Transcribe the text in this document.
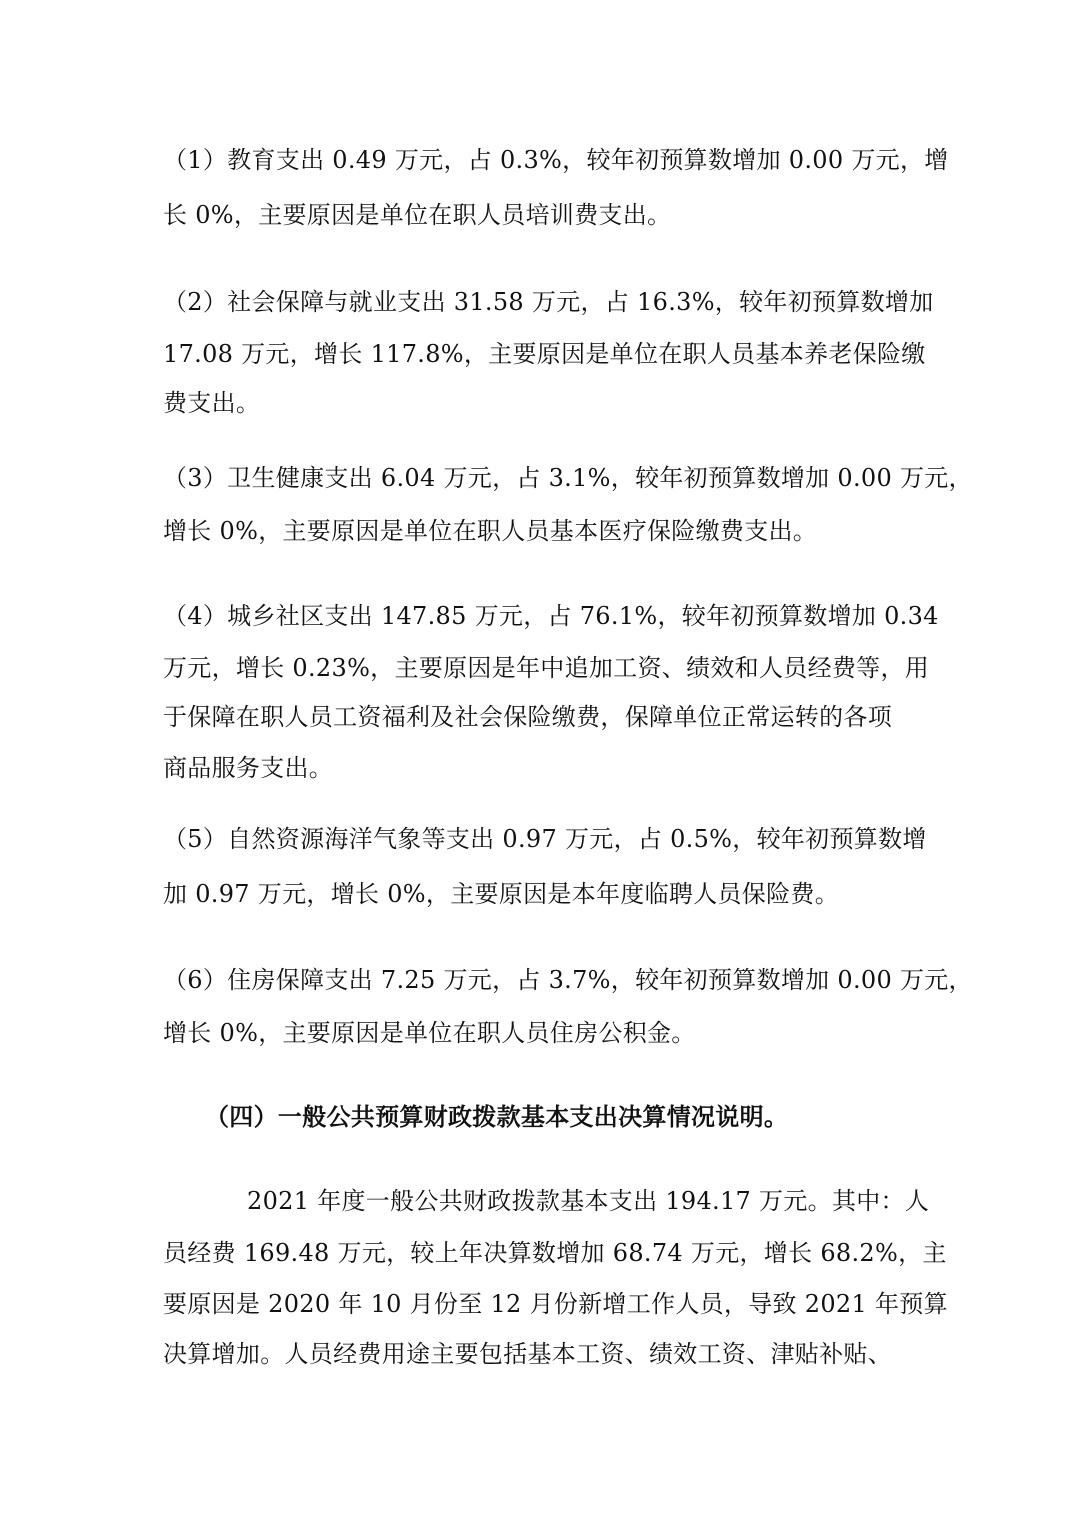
（1）教育支出 0.49 万元，占 0.3%，较年初预算数增加 0.00 万元，增
长 0%，主要原因是单位在职人员培训费支出。
（2）社会保障与就业支出 31.58 万元，占 16.3%，较年初预算数增加
17.08 万元，增长 117.8%，主要原因是单位在职人员基本养老保险缴
费支出。
（3）卫生健康支出 6.04 万元，占 3.1%，较年初预算数增加 0.00 万元，
增长 0%，主要原因是单位在职人员基本医疗保险缴费支出。
（4）城乡社区支出 147.85 万元，占 76.1%，较年初预算数增加 0.34
万元，增长 0.23%，主要原因是年中追加工资、绩效和人员经费等，用
于保障在职人员工资福利及社会保险缴费，保障单位正常运转的各项
商品服务支出。
（5）自然资源海洋气象等支出 0.97 万元，占 0.5%，较年初预算数增
加 0.97 万元，增长 0%，主要原因是本年度临聘人员保险费。
（6）住房保障支出 7.25 万元，占 3.7%，较年初预算数增加 0.00 万元，
增长 0%，主要原因是单位在职人员住房公积金。
（四）一般公共预算财政拨款基本支出决算情况说明。
2021 年度一般公共财政拨款基本支出 194.17 万元。其中：人
员经费 169.48 万元，较上年决算数增加 68.74 万元，增长 68.2%，主
要原因是 2020 年 10 月份至 12 月份新增工作人员，导致 2021 年预算
决算增加。人员经费用途主要包括基本工资、绩效工资、津贴补贴、
